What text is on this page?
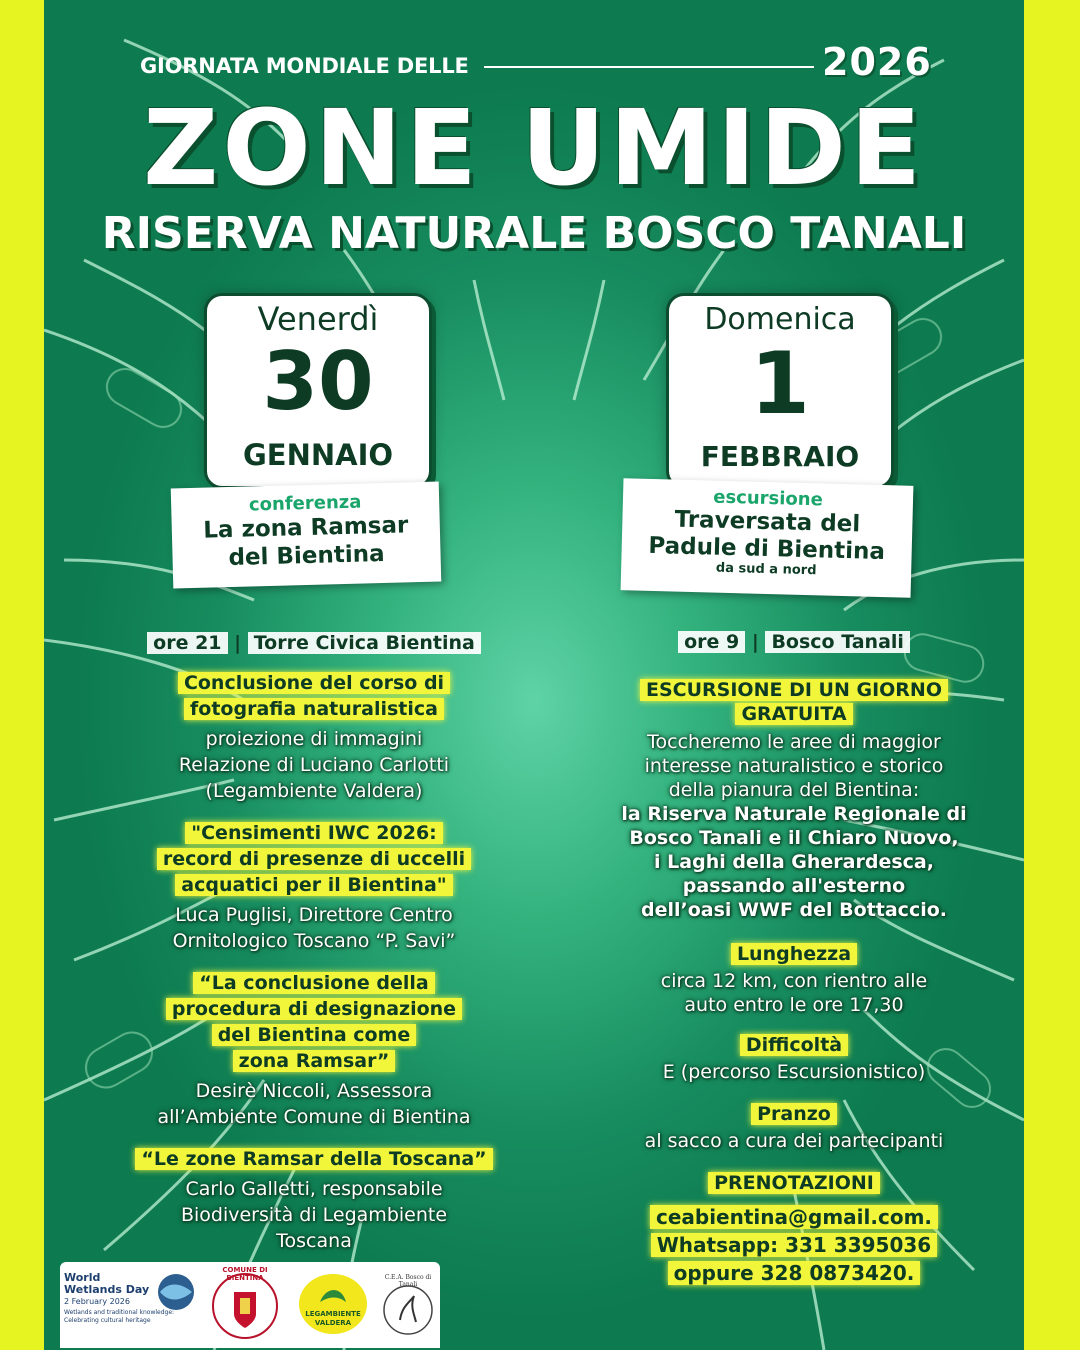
GIORNATA MONDIALE DELLE	2026
ZONE UMIDE
RISERVA NATURALE BOSCO TANALI
Venerdì
30
GENNAIO
conferenza
La zona Ramsar
del Bientina
Domenica
1
FEBBRAIO
escursione
Traversata del
Padule di Bientina
da sud a nord
ore 21 | Torre Civica Bientina
Conclusione del corso di
fotografia naturalistica
proiezione di immagini
Relazione di Luciano Carlotti
(Legambiente Valdera)
"Censimenti IWC 2026:
record di presenze di uccelli
acquatici per il Bientina"
Luca Puglisi, Direttore Centro
Ornitologico Toscano “P. Savi”
“La conclusione della
procedura di designazione
del Bientina come
zona Ramsar”
Desirè Niccoli, Assessora
all’Ambiente Comune di Bientina
“Le zone Ramsar della Toscana”
Carlo Galletti, responsabile
Biodiversità di Legambiente
Toscana
ore 9 | Bosco Tanali
ESCURSIONE DI UN GIORNO
GRATUITA
Toccheremo le aree di maggior
interesse naturalistico e storico
della pianura del Bientina:
la Riserva Naturale Regionale di
Bosco Tanali e il Chiaro Nuovo,
i Laghi della Gherardesca,
passando all'esterno
dell’oasi WWF del Bottaccio.
Lunghezza
circa 12 km, con rientro alle
auto entro le ore 17,30
Difficoltà
E (percorso Escursionistico)
Pranzo
al sacco a cura dei partecipanti
PRENOTAZIONI
ceabientina@gmail.com.
Whatsapp: 331 3395036
oppure 328 0873420.
World
Wetlands Day
2 February 2026
Wetlands and traditional knowledge:
Celebrating cultural heritage
COMUNE DI BIENTINA
LEGAMBIENTE
VALDERA
C.E.A. Bosco di Tanali
